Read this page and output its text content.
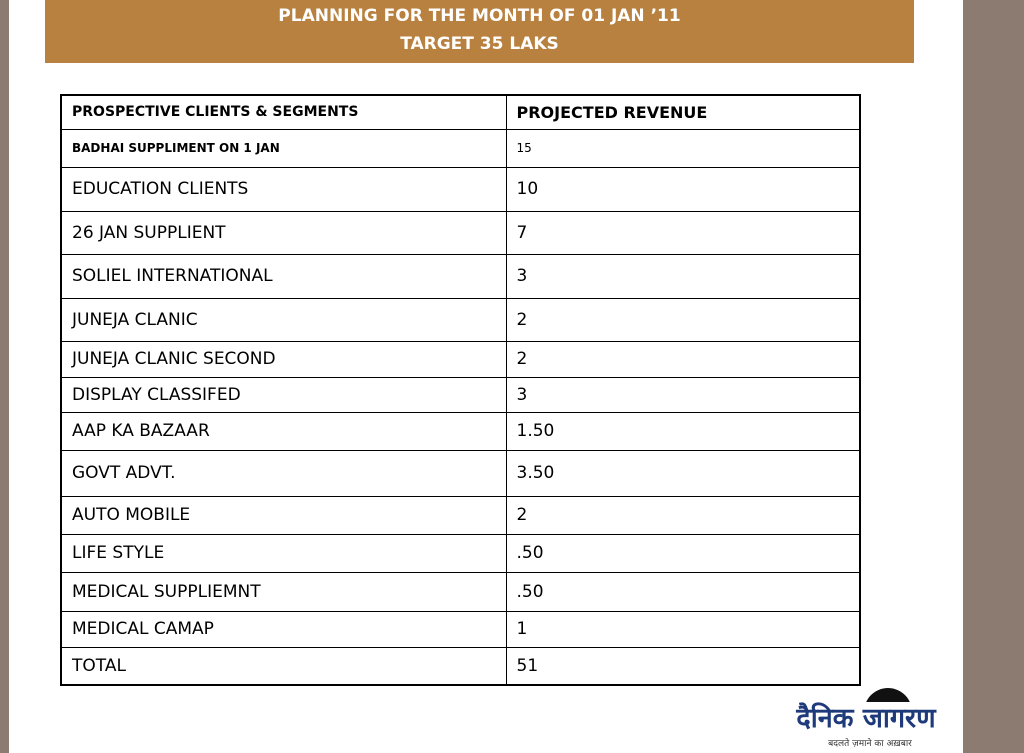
PLANNING FOR THE MONTH OF 01 JAN ’11
TARGET 35 LAKS
PROSPECTIVE CLIENTS & SEGMENTS	PROJECTED REVENUE
BADHAI SUPPLIMENT ON 1 JAN	15
EDUCATION CLIENTS	10
26 JAN SUPPLIENT	7
SOLIEL INTERNATIONAL	3
JUNEJA CLANIC	2
JUNEJA CLANIC SECOND	2
DISPLAY CLASSIFED	3
AAP KA BAZAAR	1.50
GOVT ADVT.	3.50
AUTO MOBILE	2
LIFE STYLE	.50
MEDICAL SUPPLIEMNT	.50
MEDICAL CAMAP	1
TOTAL	51
दैनिक जागरण
बदलते ज़माने का अख़बार
